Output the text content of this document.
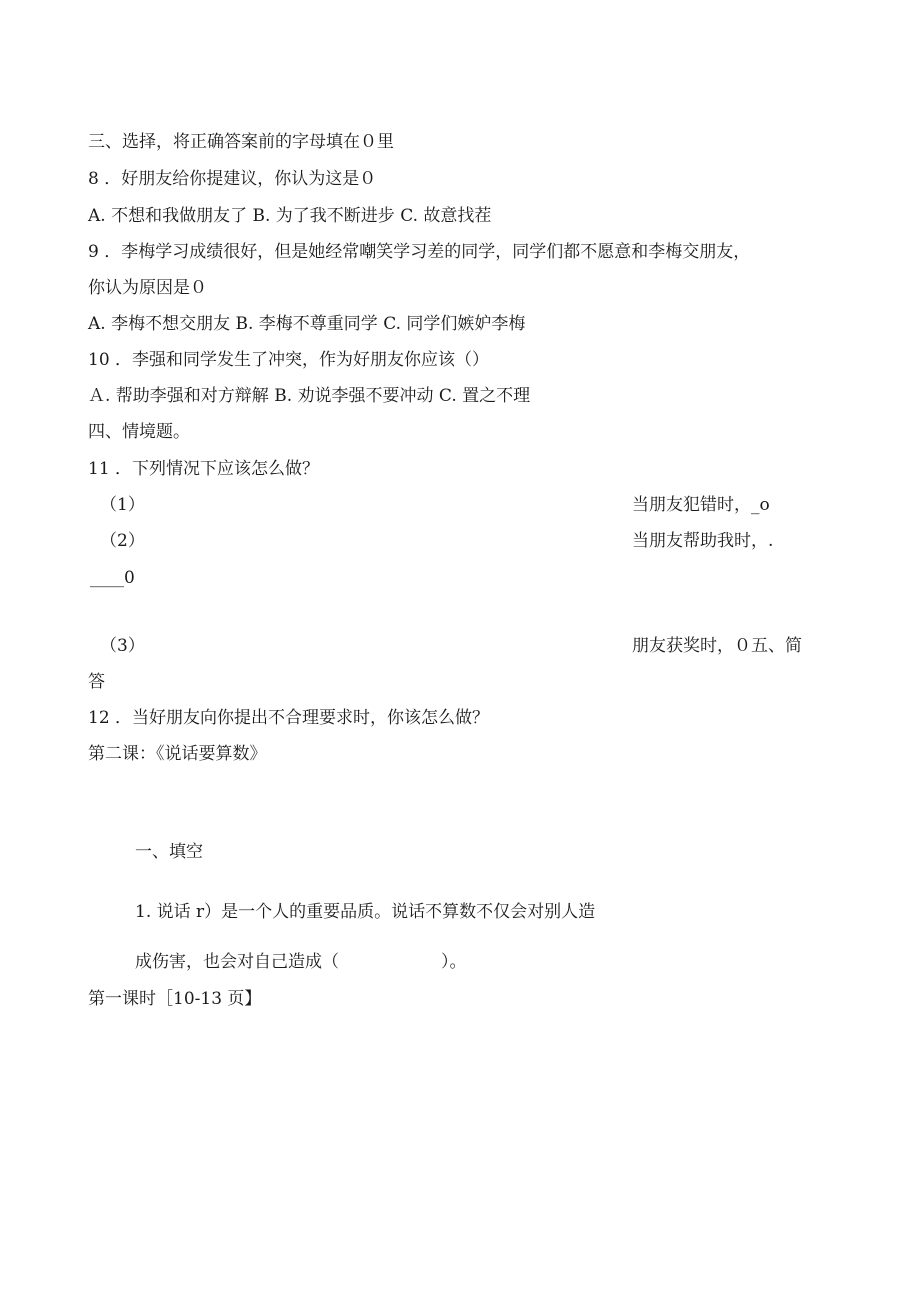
三、选择，将正确答案前的字母填在０里
8 ．好朋友给你提建议，你认为这是０
A. 不想和我做朋友了 B. 为了我不断进步 C. 故意找茬
9 ．李梅学习成绩很好，但是她经常嘲笑学习差的同学，同学们都不愿意和李梅交朋友，
你认为原因是０
A. 李梅不想交朋友 B. 李梅不尊重同学 C. 同学们嫉妒李梅
10 ．李强和同学发生了冲突，作为好朋友你应该（）
Ａ. 帮助李强和对方辩解 B. 劝说李强不要冲动 C. 置之不理
四、情境题。
11 ．下列情况下应该怎么做？
（1）	当朋友犯错时，_o
（2）	当朋友帮助我时，.
____0
（3）	朋友获奖时，０五、简
答
12 ．当好朋友向你提出不合理要求时，你该怎么做？
第二课：《说话要算数》
一、填空
1. 说话 r）是一个人的重要品质。说话不算数不仅会对别人造
成伤害，也会对自己造成（　　　　　　）。
第一课时［10-13 页】
